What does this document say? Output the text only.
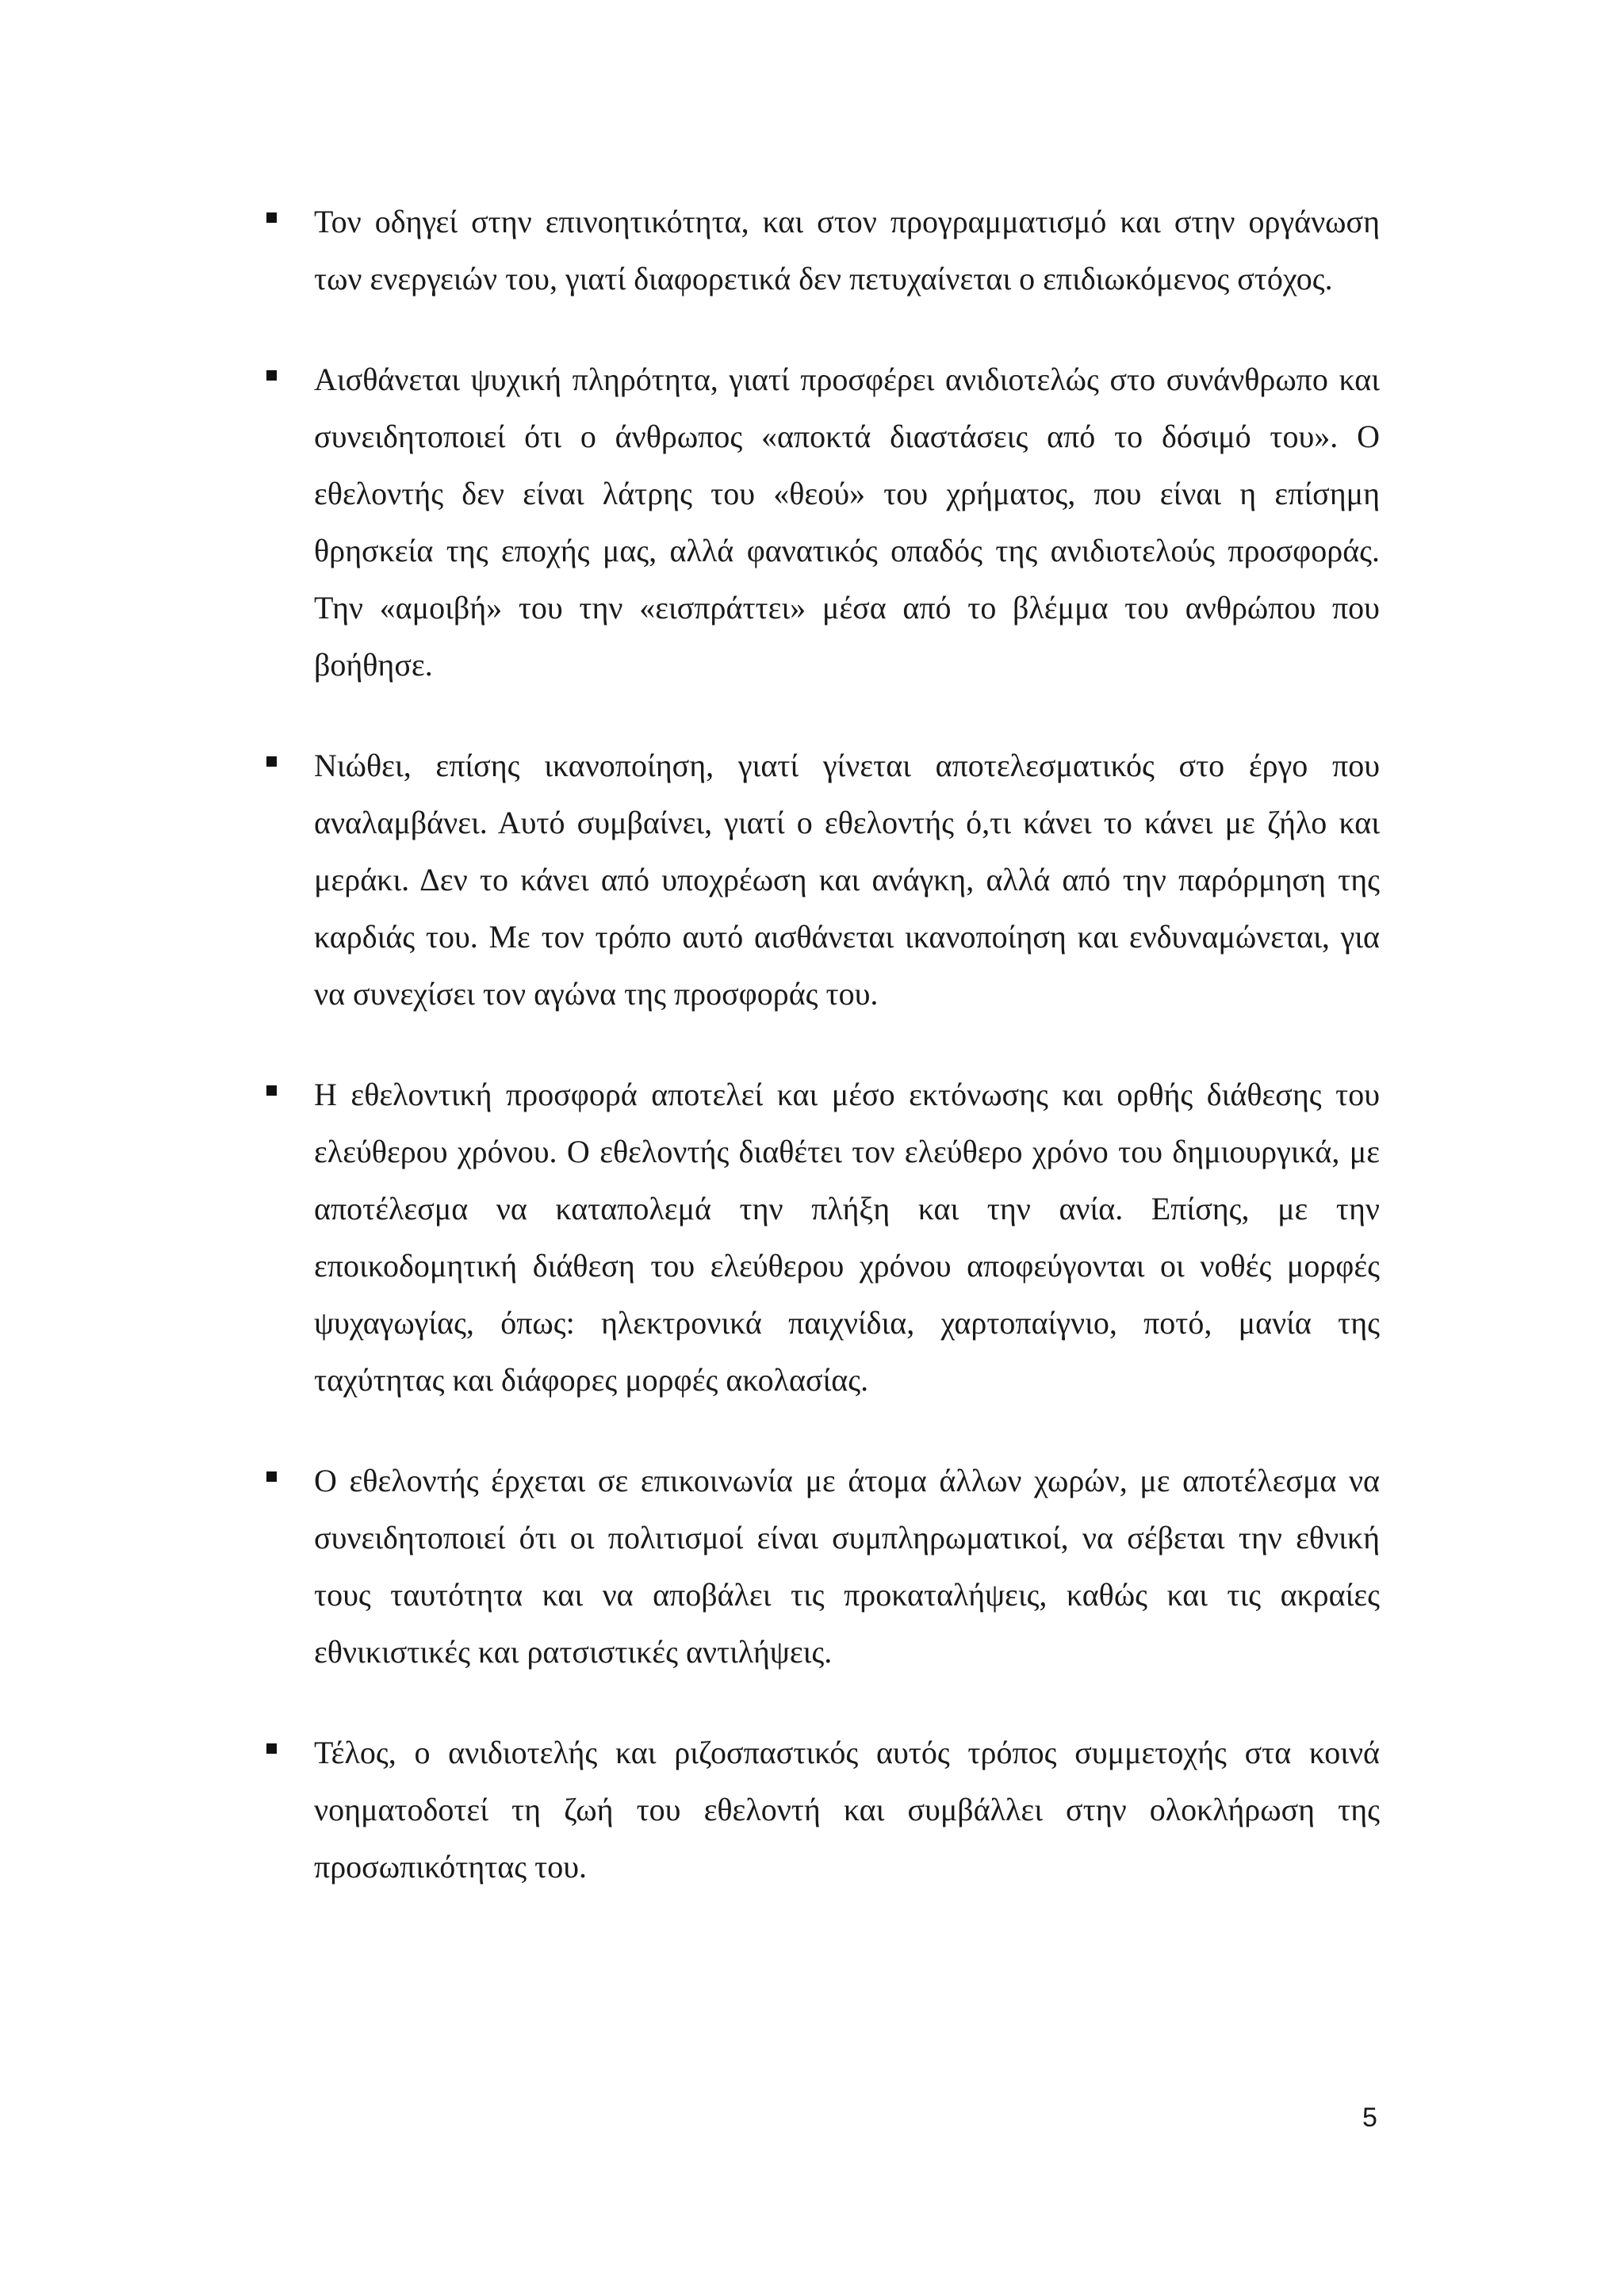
Τον οδηγεί στην επινοητικότητα, και στον προγραμματισμό και στην οργάνωση των ενεργειών του, γιατί διαφορετικά δεν πετυχαίνεται ο επιδιωκόμενος στόχος.

Αισθάνεται ψυχική πληρότητα, γιατί προσφέρει ανιδιοτελώς στο συνάνθρωπο και συνειδητοποιεί ότι ο άνθρωπος «αποκτά διαστάσεις από το δόσιμό του». Ο εθελοντής δεν είναι λάτρης του «θεού» του χρήματος, που είναι η επίσημη θρησκεία της εποχής μας, αλλά φανατικός οπαδός της ανιδιοτελούς προσφοράς. Την «αμοιβή» του την «εισπράττει» μέσα από το βλέμμα του ανθρώπου που βοήθησε.

Νιώθει, επίσης ικανοποίηση, γιατί γίνεται αποτελεσματικός στο έργο που αναλαμβάνει. Αυτό συμβαίνει, γιατί ο εθελοντής ό,τι κάνει το κάνει με ζήλο και μεράκι. Δεν το κάνει από υποχρέωση και ανάγκη, αλλά από την παρόρμηση της καρδιάς του. Με τον τρόπο αυτό αισθάνεται ικανοποίηση και ενδυναμώνεται, για να συνεχίσει τον αγώνα της προσφοράς του.

Η εθελοντική προσφορά αποτελεί και μέσο εκτόνωσης και ορθής διάθεσης του ελεύθερου χρόνου. Ο εθελοντής διαθέτει τον ελεύθερο χρόνο του δημιουργικά, με αποτέλεσμα να καταπολεμά την πλήξη και την ανία. Επίσης, με την εποικοδομητική διάθεση του ελεύθερου χρόνου αποφεύγονται οι νοθές μορφές ψυχαγωγίας, όπως: ηλεκτρονικά παιχνίδια, χαρτοπαίγνιο, ποτό, μανία της ταχύτητας και διάφορες μορφές ακολασίας.

Ο εθελοντής έρχεται σε επικοινωνία με άτομα άλλων χωρών, με αποτέλεσμα να συνειδητοποιεί ότι οι πολιτισμοί είναι συμπληρωματικοί, να σέβεται την εθνική τους ταυτότητα και να αποβάλει τις προκαταλήψεις, καθώς και τις ακραίες εθνικιστικές και ρατσιστικές αντιλήψεις.

Τέλος, ο ανιδιοτελής και ριζοσπαστικός αυτός τρόπος συμμετοχής στα κοινά νοηματοδοτεί τη ζωή του εθελοντή και συμβάλλει στην ολοκλήρωση της προσωπικότητας του.

5
